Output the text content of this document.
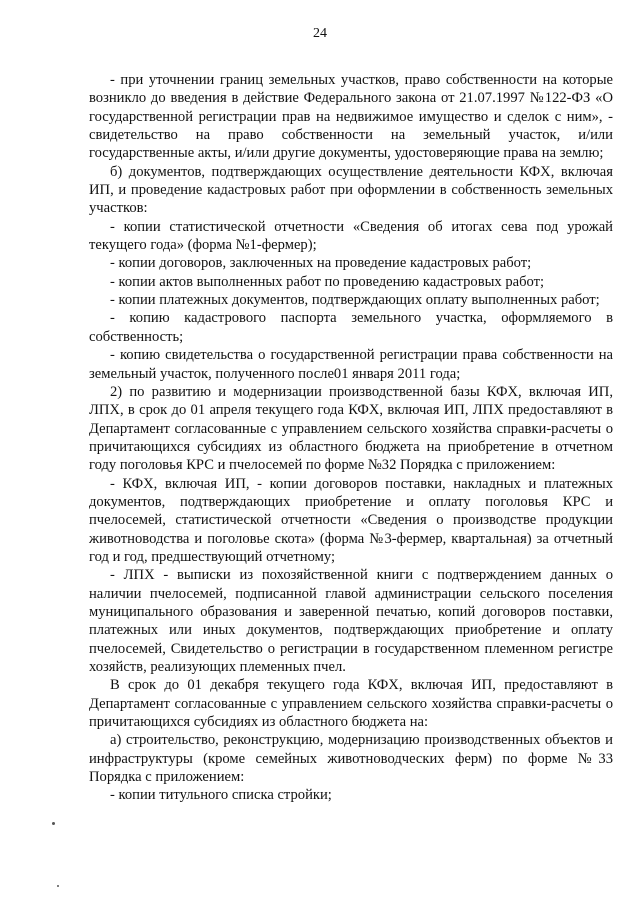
24

- при уточнении границ земельных участков, право собственности на которые возникло до введения в действие Федерального закона от 21.07.1997 №122-ФЗ «О государственной регистрации прав на недвижимое имущество и сделок с ним», - свидетельство на право собственности на земельный участок, и/или государственные акты, и/или другие документы, удостоверяющие права на землю;

б) документов, подтверждающих осуществление деятельности КФХ, включая ИП, и проведение кадастровых работ при оформлении в собственность земельных участков:

- копии статистической отчетности «Сведения об итогах сева под урожай текущего года» (форма №1-фермер);

- копии договоров, заключенных на проведение кадастровых работ;

- копии актов выполненных работ по проведению кадастровых работ;

- копии платежных документов, подтверждающих оплату выполненных работ;

- копию кадастрового паспорта земельного участка, оформляемого в собственность;

- копию свидетельства о государственной регистрации права собственности на земельный участок, полученного после01 января 2011 года;

2) по развитию и модернизации производственной базы КФХ, включая ИП, ЛПХ, в срок до 01 апреля текущего года КФХ, включая ИП, ЛПХ предоставляют в Департамент согласованные с управлением сельского хозяйства справки-расчеты о причитающихся субсидиях из областного бюджета на приобретение в отчетном году поголовья КРС и пчелосемей по форме №32 Порядка с приложением:

- КФХ, включая ИП, - копии договоров поставки, накладных и платежных документов, подтверждающих приобретение и оплату поголовья КРС и пчелосемей, статистической отчетности «Сведения о производстве продукции животноводства и поголовье скота» (форма №3-фермер, квартальная) за отчетный год и год, предшествующий отчетному;

- ЛПХ - выписки из похозяйственной книги с подтверждением данных о наличии пчелосемей, подписанной главой администрации сельского поселения муниципального образования и заверенной печатью, копий договоров поставки, платежных или иных документов, подтверждающих приобретение и оплату пчелосемей, Свидетельство о регистрации в государственном племенном регистре хозяйств, реализующих племенных пчел.

В срок до 01 декабря текущего года КФХ, включая ИП, предоставляют в Департамент согласованные с управлением сельского хозяйства справки-расчеты о причитающихся субсидиях из областного бюджета на:

а) строительство, реконструкцию, модернизацию производственных объектов и инфраструктуры (кроме семейных животноводческих ферм) по форме №33 Порядка с приложением:

- копии титульного списка стройки;
